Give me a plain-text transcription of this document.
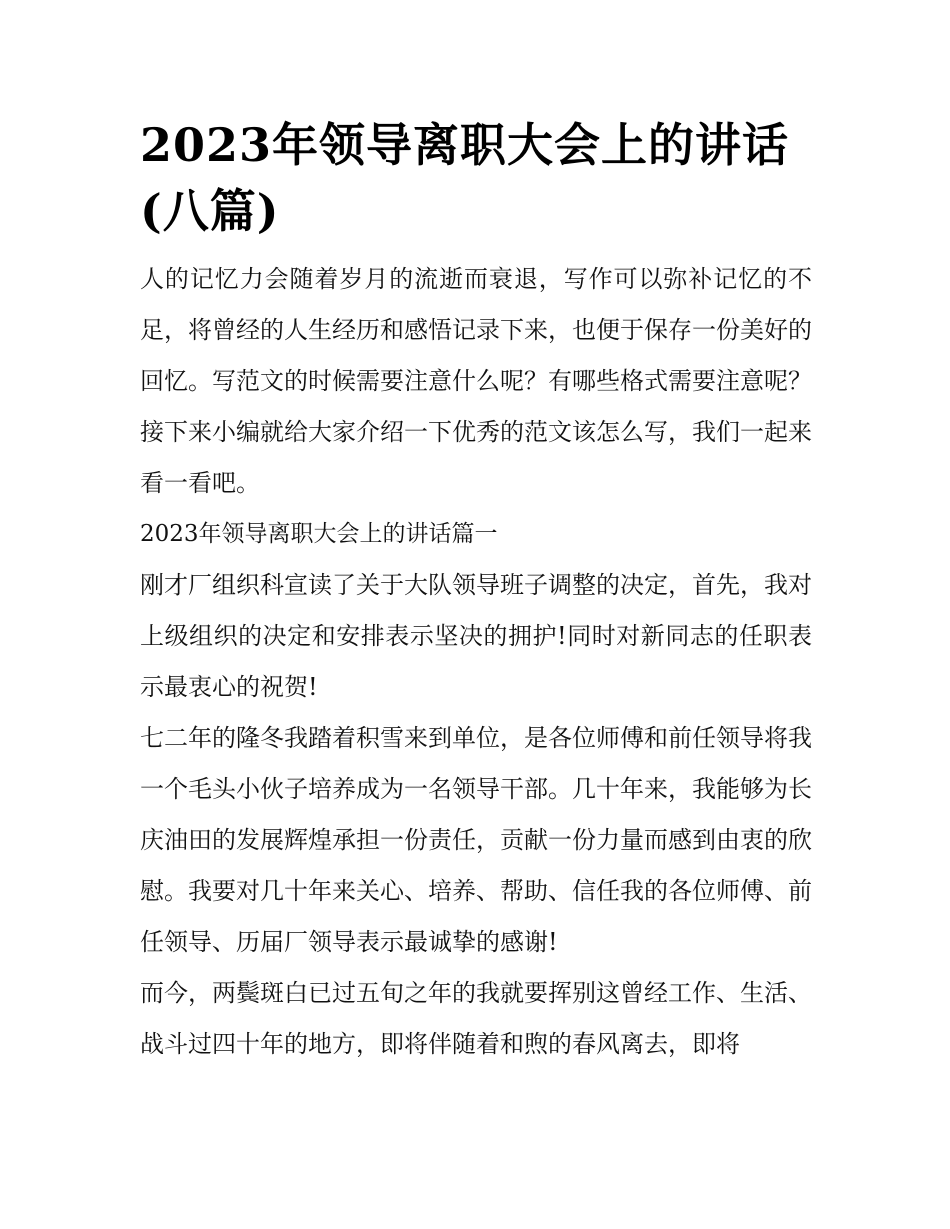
2023年领导离职大会上的讲话(八篇)

人的记忆力会随着岁月的流逝而衰退，写作可以弥补记忆的不足，将曾经的人生经历和感悟记录下来，也便于保存一份美好的回忆。写范文的时候需要注意什么呢？有哪些格式需要注意呢？接下来小编就给大家介绍一下优秀的范文该怎么写，我们一起来看一看吧。

2023年领导离职大会上的讲话篇一

刚才厂组织科宣读了关于大队领导班子调整的决定，首先，我对上级组织的决定和安排表示坚决的拥护!同时对新同志的任职表示最衷心的祝贺!

七二年的隆冬我踏着积雪来到单位，是各位师傅和前任领导将我一个毛头小伙子培养成为一名领导干部。几十年来，我能够为长庆油田的发展辉煌承担一份责任，贡献一份力量而感到由衷的欣慰。我要对几十年来关心、培养、帮助、信任我的各位师傅、前任领导、历届厂领导表示最诚挚的感谢!

而今，两鬓斑白已过五旬之年的我就要挥别这曾经工作、生活、战斗过四十年的地方，即将伴随着和煦的春风离去，即将
